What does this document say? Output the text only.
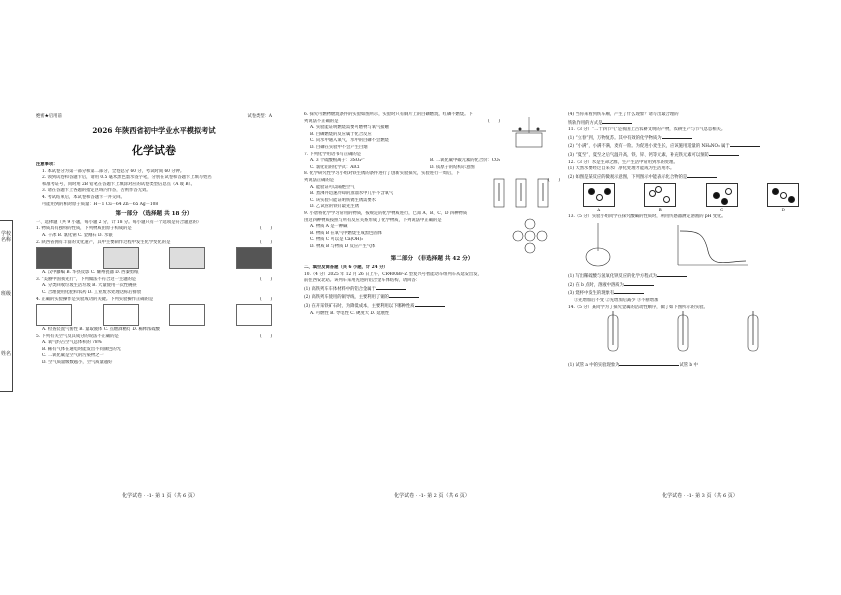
学校名称
班级
姓名
绝密★启用前	试卷类型：A
2026 年陕西省初中学业水平模拟考试
化学试卷
注意事项：
1. 本试卷分为第一部分和第二部分，全卷总分 60 分，考试时间 60 分钟。
2. 领到试卷和答题卡后，请用 0.5 毫米黑色墨水签字笔，分别在试卷和答题卡上填写姓名
和准考证号，同时用 2B 铅笔在答题卡上填涂对应的试卷类型信息点（A 或 B）。
3. 请在答题卡上各题的指定区域内作答，否则作答无效。
4. 考试结束后，本试卷和答题卡一并交回。
可能用到的相对原子质量：H－1 Cu－64 Zn－65 Ag－108
第一部分 （选择题 共 18 分）
一、选择题（共 9 小题，每小题 2 分，计 18 分。每小题只有一个选项是符合题意的）
1. 物质具有独特的性质，下列物质由原子构成的是	(　　)
A. 干冰 B. 氯化钠 C. 金刚石 D. 水银
2. 陕西省拥有丰富的文化遗产，其中主要制作过程中发生化学变化的是	(　　)
A. 汉中藤编 B. 华县皮影 C. 耀州瓷器 D. 西秦剪纸
3. “美丽中国我先行”，下列做法不符合这一主题的是	(　　)
A. 分类回收垃圾生活垃圾 B. 大量使用一次性碗筷
C. 合理使用化肥和农药 D. 工业废水处理达标后排放
4. 正确的实验操作是实验成功的关键。下列实验操作正确的是	(　　)
A. 检查装置气密性 B. 量取液体 C. 点燃酒精灯 D. 稀释浓硫酸
5. 下列有关空气及其成分的说法不正确的是	(　　)
A. 氧气约占空气总体积的 78%
B. 稀有气体在通电时能发出不同颜色的光
C. 二氧化碳是空气的污染物之一
D. 空气质量级数越小，空气质量越好
6. 探究可燃物燃烧条件的实验如图所示，实验时只有铜片上的白磷燃烧，红磷不燃烧。下
列说法不正确的是	(　　)
A. 实验能证明燃烧需要可燃物与氧气接触
B. 白磷燃烧的反应属于化合反应
C. 向水中通入氧气，水中的白磷不会燃烧
D. 白磷在实验中不会产生白烟
7. 下列化学用语书写正确的是
A. 3 个硫酸根离子：3SO₄²⁻	B. 二氧化碳中碳元素的化合价：C̊O₂
C. 氯化铝的化学式：AlCl	D. 镁原子的结构示意图
8. 化学研究性学习小组对铁生锈的条件进行了创新实验探究，实验进行一周后，下
列说法正确的是	(　　)
A. 能验证可以隔绝空气
B. 煮沸并迅速冷却的蒸馏水中几乎不含氧气
C. 该实验只能证明铁锈生锈需要水
D. 乙试管的铁钉最先生锈
9. 小唐将化学学习常用的物质，按规定的化学物质进行，已知 A、B、C、D 四种物质
由这四种物质按照与所有反应关系形成了化学物质，下列说法中正确的是
A. 物质 A 是一种碱
B. 物质 B 在氧气中燃烧生成黑色固体
C. 物质 C 可以是 Ca(OH)₂
D. 物质 B 与物质 D 反应产生气体
第二部分 （非选择题 共 42 分）
二、填空及简答题（共 6 小题，计 24 分）
10.（4 分）2025 年 12 月 26 日上午，CR400BF-Z 型复兴号智能动车组列车从延安出发，
前往西安北站。该列车采用先进的铝合金车体结构，请回答：
(1) 高铁列车车体材料中的铝合金属于
(2) 高铁列车使用的铜导线，主要利用了铜的
(3) 在开采铁矿石时，为降低成本，主要利用以下哪种性质
A. 可燃性 B. 导电性 C. 硬度大 D. 延展性
(4) 当你来看到铁车厢，产生了什么现象？请写出最合理的
铁轨作用的方式是
11.（3 分）“二十四节气”是我国上古农耕文明的产物，农耕生产与节气息息相关。
(1) “立春”到，万物复苏。其中有效的化学物质为
(2) “小满”，小满不满，麦有一险。为促进小麦生长，应该施用适量的 NH₄NO₃ 属于
(3) “夏至”，夏至之后气温升高，铁、锌、钙等元素，补充铁元素可以预防
12.（3 分）水是生命之源，生产生活中常用到水的处理。
(1) 天然水要经过自来水厂净化处理才能成为生活用水。
(2) 如图是某反应的微观示意图，下列图示中能表示化合物的是
A	B	C	D
13.（5 分）实验小组同学在探究酸碱的性质时，利用传感器测定溶液的 pH 变化。
(1) 写出稀硫酸与氢氧化钡反应的化学方程式为
(2) 在 b 点时，溶液中溶质为
(3) 烧杯中发生的现象有
①先增加后不变 ②先增加后减少 ③不断增加
14.（5 分）某同学为了探究金属的活动性顺序，做了如下图所示的实验。
(1) 试管 a 中的实验现象为	试管 b 中
化学试卷 · -1- 第 1 页（共 6 页）	化学试卷 · -1- 第 2 页（共 6 页）	化学试卷 · -1- 第 3 页（共 6 页）
